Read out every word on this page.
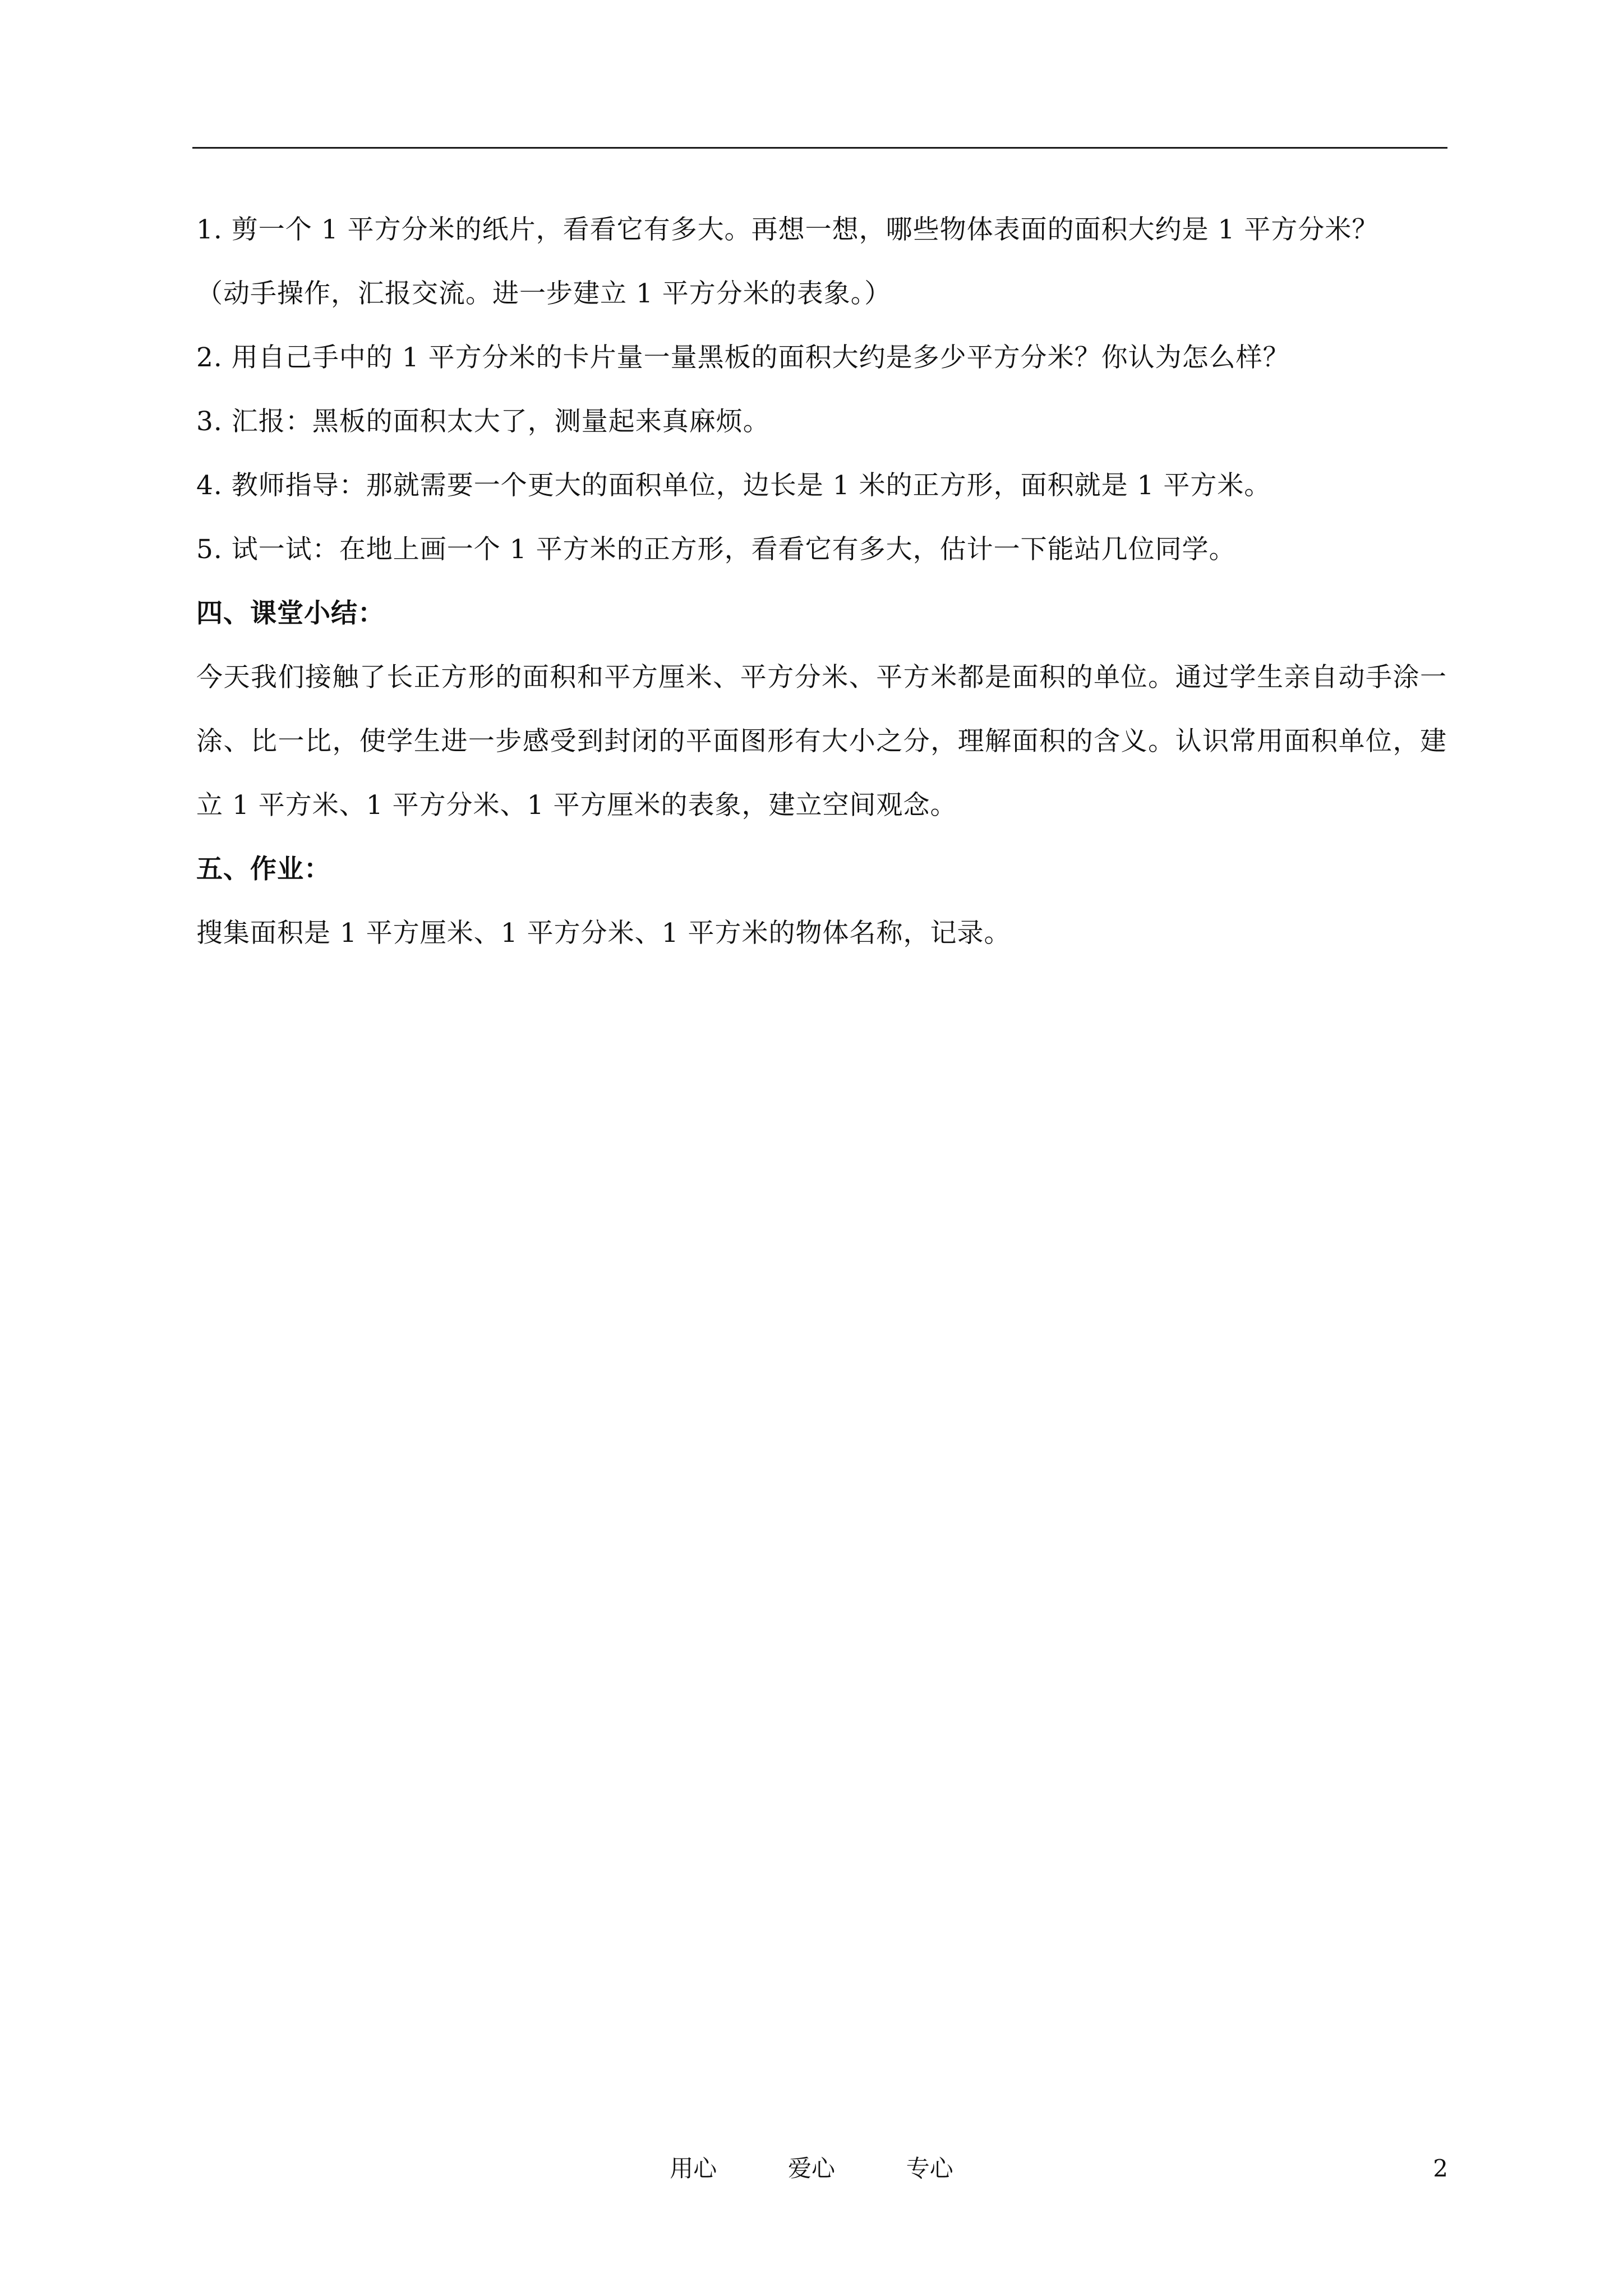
1. 剪一个 1 平方分米的纸片，看看它有多大。再想一想，哪些物体表面的面积大约是 1 平方分米？
（动手操作，汇报交流。进一步建立 1 平方分米的表象。）
2. 用自己手中的 1 平方分米的卡片量一量黑板的面积大约是多少平方分米？你认为怎么样？
3. 汇报：黑板的面积太大了，测量起来真麻烦。
4. 教师指导：那就需要一个更大的面积单位，边长是 1 米的正方形，面积就是 1 平方米。
5. 试一试：在地上画一个 1 平方米的正方形，看看它有多大，估计一下能站几位同学。
四、课堂小结：
今天我们接触了长正方形的面积和平方厘米、平方分米、平方米都是面积的单位。通过学生亲自动手涂一涂、比一比，使学生进一步感受到封闭的平面图形有大小之分，理解面积的含义。认识常用面积单位，建立 1 平方米、1 平方分米、1 平方厘米的表象，建立空间观念。
五、作业：
搜集面积是 1 平方厘米、1 平方分米、1 平方米的物体名称，记录。
用心  爱心  专心	2
